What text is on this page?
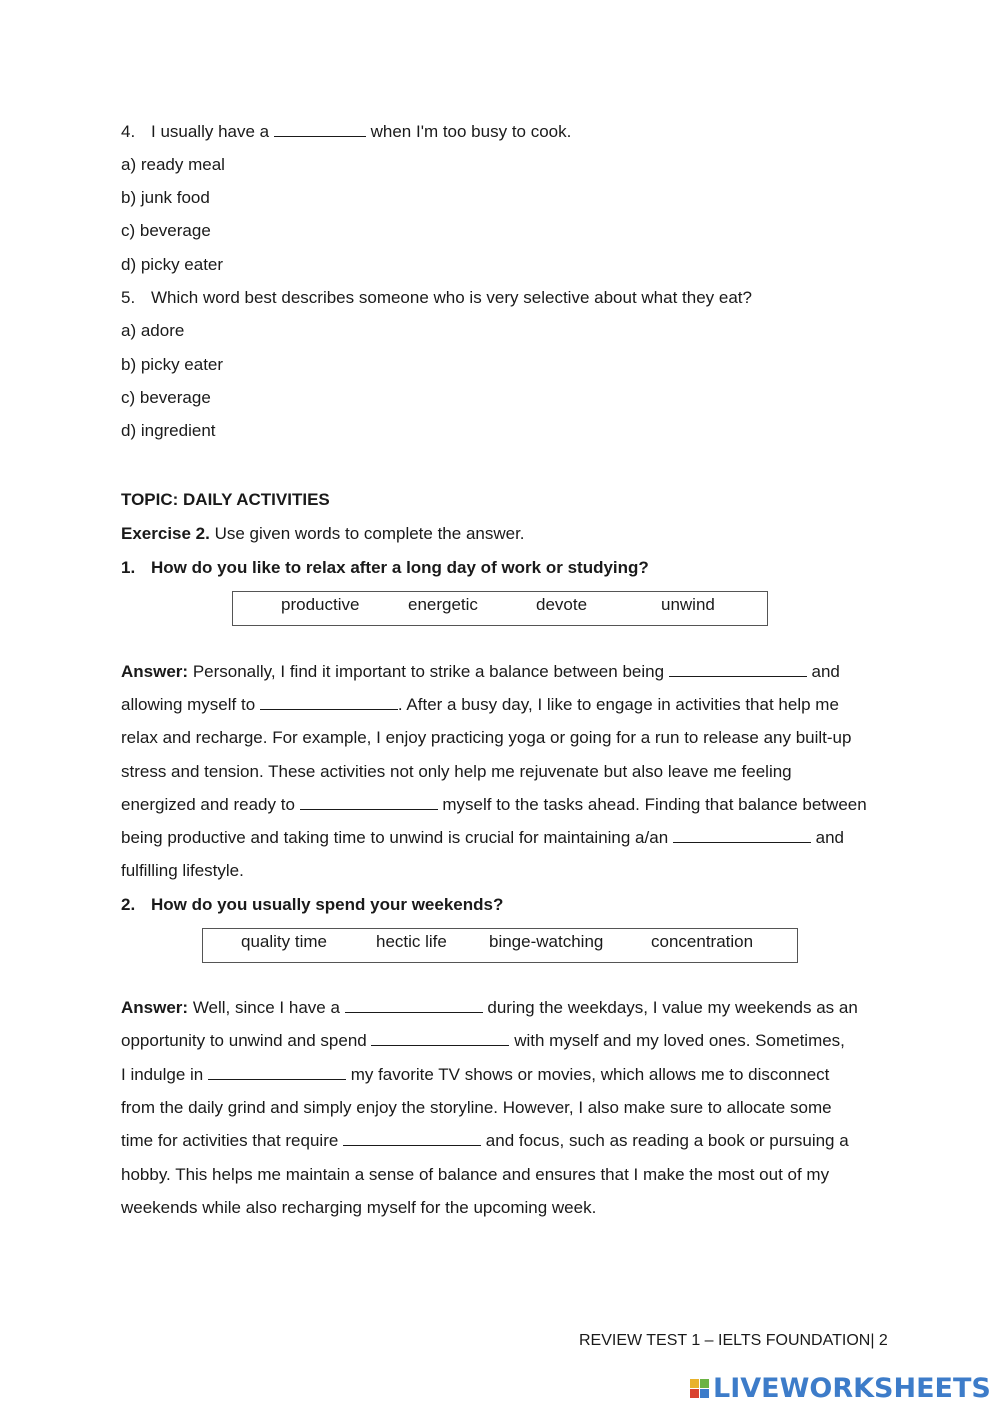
4. I usually have a	when I'm too busy to cook.
a) ready meal
b) junk food
c) beverage
d) picky eater
5. Which word best describes someone who is very selective about what they eat?
a) adore
b) picky eater
c) beverage
d) ingredient
TOPIC: DAILY ACTIVITIES
Exercise 2. Use given words to complete the answer.
1. How do you like to relax after a long day of work or studying?
productive	energetic	devote	unwind
Answer: Personally, I find it important to strike a balance between being	and
allowing myself to	. After a busy day, I like to engage in activities that help me
relax and recharge. For example, I enjoy practicing yoga or going for a run to release any built-up
stress and tension. These activities not only help me rejuvenate but also leave me feeling
energized and ready to	myself to the tasks ahead. Finding that balance between
being productive and taking time to unwind is crucial for maintaining a/an	and
fulfilling lifestyle.
2. How do you usually spend your weekends?
quality time	hectic life binge-watching	concentration
Answer: Well, since I have a	during the weekdays, I value my weekends as an
opportunity to unwind and spend	with myself and my loved ones. Sometimes,
I indulge in	my favorite TV shows or movies, which allows me to disconnect
from the daily grind and simply enjoy the storyline. However, I also make sure to allocate some
time for activities that require	and focus, such as reading a book or pursuing a
hobby. This helps me maintain a sense of balance and ensures that I make the most out of my
weekends while also recharging myself for the upcoming week.
REVIEW TEST 1 – IELTS FOUNDATION| 2
LIVEWORKSHEETS
